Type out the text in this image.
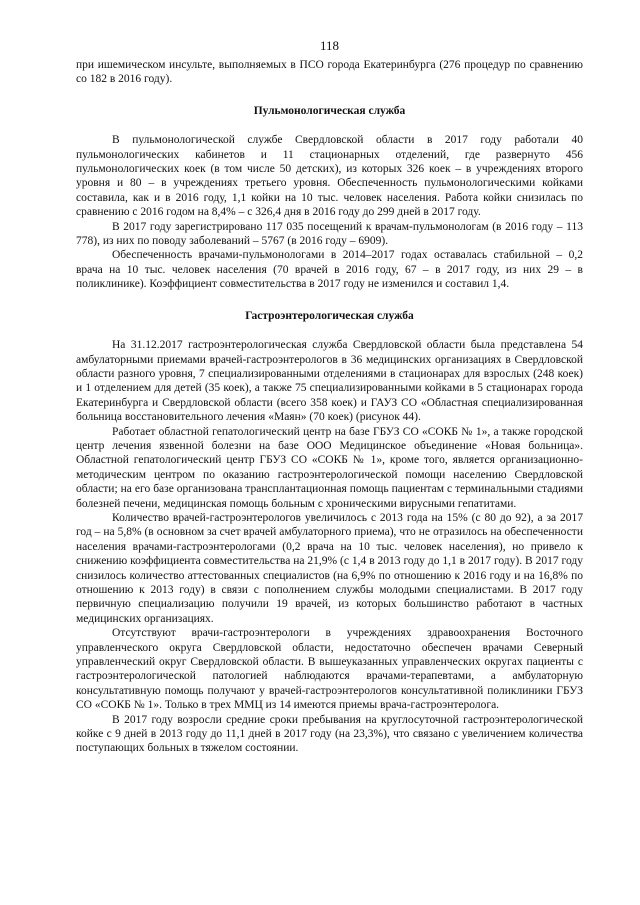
118

при ишемическом инсульте, выполняемых в ПСО города Екатеринбурга (276 процедур по сравнению со 182 в 2016 году).

Пульмонологическая служба

В пульмонологической службе Свердловской области в 2017 году работали 40 пульмонологических кабинетов и 11 стационарных отделений, где развернуто 456 пульмонологических коек (в том числе 50 детских), из которых 326 коек – в учреждениях второго уровня и 80 – в учреждениях третьего уровня. Обеспеченность пульмонологическими койками составила, как и в 2016 году, 1,1 койки на 10 тыс. человек населения. Работа койки снизилась по сравнению с 2016 годом на 8,4% – с 326,4 дня в 2016 году до 299 дней в 2017 году.

В 2017 году зарегистрировано 117 035 посещений к врачам-пульмонологам (в 2016 году – 113 778), из них по поводу заболеваний – 5767 (в 2016 году – 6909).

Обеспеченность врачами-пульмонологами в 2014–2017 годах оставалась стабильной – 0,2 врача на 10 тыс. человек населения (70 врачей в 2016 году, 67 – в 2017 году, из них 29 – в поликлинике). Коэффициент совместительства в 2017 году не изменился и составил 1,4.

Гастроэнтерологическая служба

На 31.12.2017 гастроэнтерологическая служба Свердловской области была представлена 54 амбулаторными приемами врачей-гастроэнтерологов в 36 медицинских организациях в Свердловской области разного уровня, 7 специализированными отделениями в стационарах для взрослых (248 коек) и 1 отделением для детей (35 коек), а также 75 специализированными койками в 5 стационарах города Екатеринбурга и Свердловской области (всего 358 коек) и ГАУЗ СО «Областная специализированная больница восстановительного лечения «Маян» (70 коек) (рисунок 44).

Работает областной гепатологический центр на базе ГБУЗ СО «СОКБ № 1», а также городской центр лечения язвенной болезни на базе ООО Медицинское объединение «Новая больница». Областной гепатологический центр ГБУЗ СО «СОКБ № 1», кроме того, является организационно-методическим центром по оказанию гастроэнтерологической помощи населению Свердловской области; на его базе организована трансплантационная помощь пациентам с терминальными стадиями болезней печени, медицинская помощь больным с хроническими вирусными гепатитами.

Количество врачей-гастроэнтерологов увеличилось с 2013 года на 15% (с 80 до 92), а за 2017 год – на 5,8% (в основном за счет врачей амбулаторного приема), что не отразилось на обеспеченности населения врачами-гастроэнтерологами (0,2 врача на 10 тыс. человек населения), но привело к снижению коэффициента совместительства на 21,9% (с 1,4 в 2013 году до 1,1 в 2017 году). В 2017 году снизилось количество аттестованных специалистов (на 6,9% по отношению к 2016 году и на 16,8% по отношению к 2013 году) в связи с пополнением службы молодыми специалистами. В 2017 году первичную специализацию получили 19 врачей, из которых большинство работают в частных медицинских организациях.

Отсутствуют врачи-гастроэнтерологи в учреждениях здравоохранения Восточного управленческого округа Свердловской области, недостаточно обеспечен врачами Северный управленческий округ Свердловской области. В вышеуказанных управленческих округах пациенты с гастроэнтерологической патологией наблюдаются врачами-терапевтами, а амбулаторную консультативную помощь получают у врачей-гастроэнтерологов консультативной поликлиники ГБУЗ СО «СОКБ № 1». Только в трех ММЦ из 14 имеются приемы врача-гастроэнтеролога.

В 2017 году возросли средние сроки пребывания на круглосуточной гастроэнтерологической койке с 9 дней в 2013 году до 11,1 дней в 2017 году (на 23,3%), что связано с увеличением количества поступающих больных в тяжелом состоянии.
